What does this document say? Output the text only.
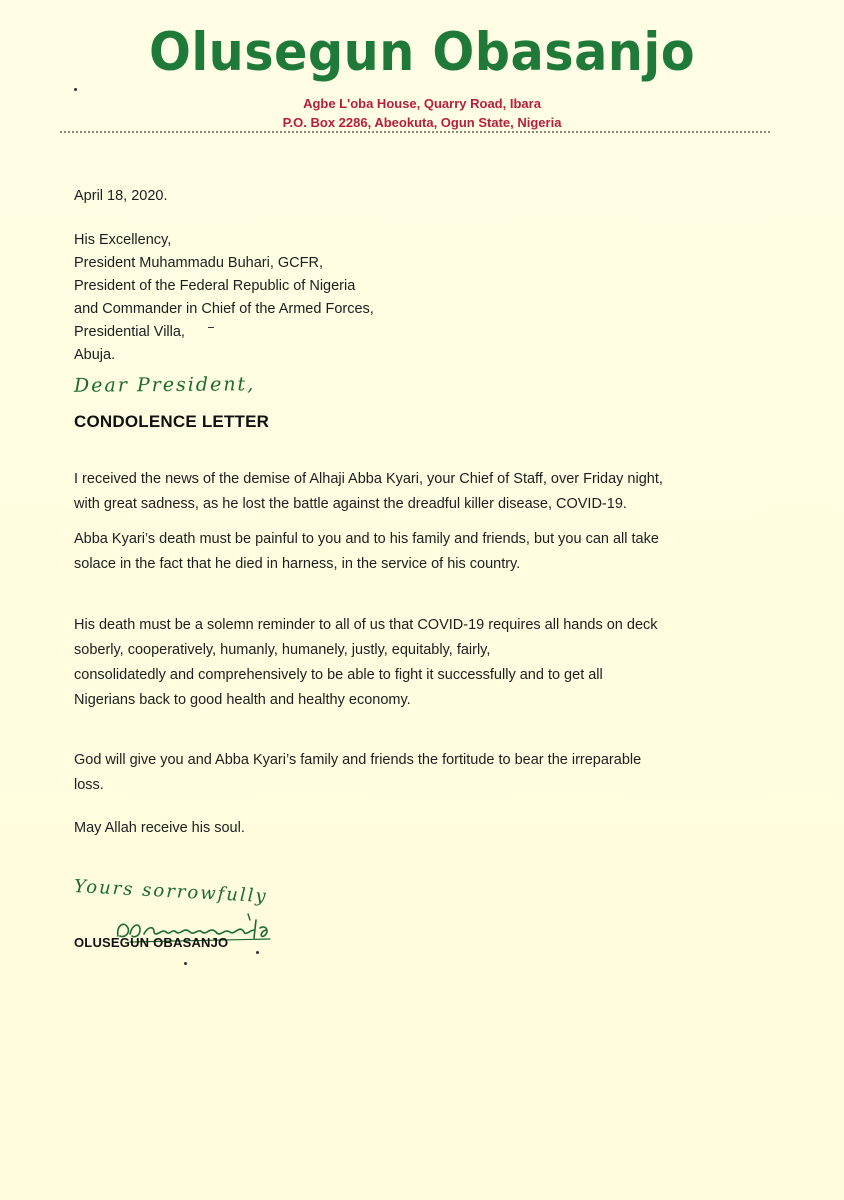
Olusegun Obasanjo
Agbe L'oba House, Quarry Road, Ibara
P.O. Box 2286, Abeokuta, Ogun State, Nigeria
April 18, 2020.
His Excellency,
President Muhammadu Buhari, GCFR,
President of the Federal Republic of Nigeria
and Commander in Chief of the Armed Forces,
Presidential Villa,
Abuja.
Dear President,
CONDOLENCE LETTER
I received the news of the demise of Alhaji Abba Kyari, your Chief of Staff, over Friday night,
with great sadness, as he lost the battle against the dreadful killer disease, COVID-19.
Abba Kyari’s death must be painful to you and to his family and friends, but you can all take
solace in the fact that he died in harness, in the service of his country.
His death must be a solemn reminder to all of us that COVID-19 requires all hands on deck
soberly, cooperatively, humanly, humanely, justly, equitably, fairly,
consolidatedly and comprehensively to be able to fight it successfully and to get all
Nigerians back to good health and healthy economy.
God will give you and Abba Kyari’s family and friends the fortitude to bear the irreparable
loss.
May Allah receive his soul.
Yours sorrowfully
OLUSEGUN OBASANJO
